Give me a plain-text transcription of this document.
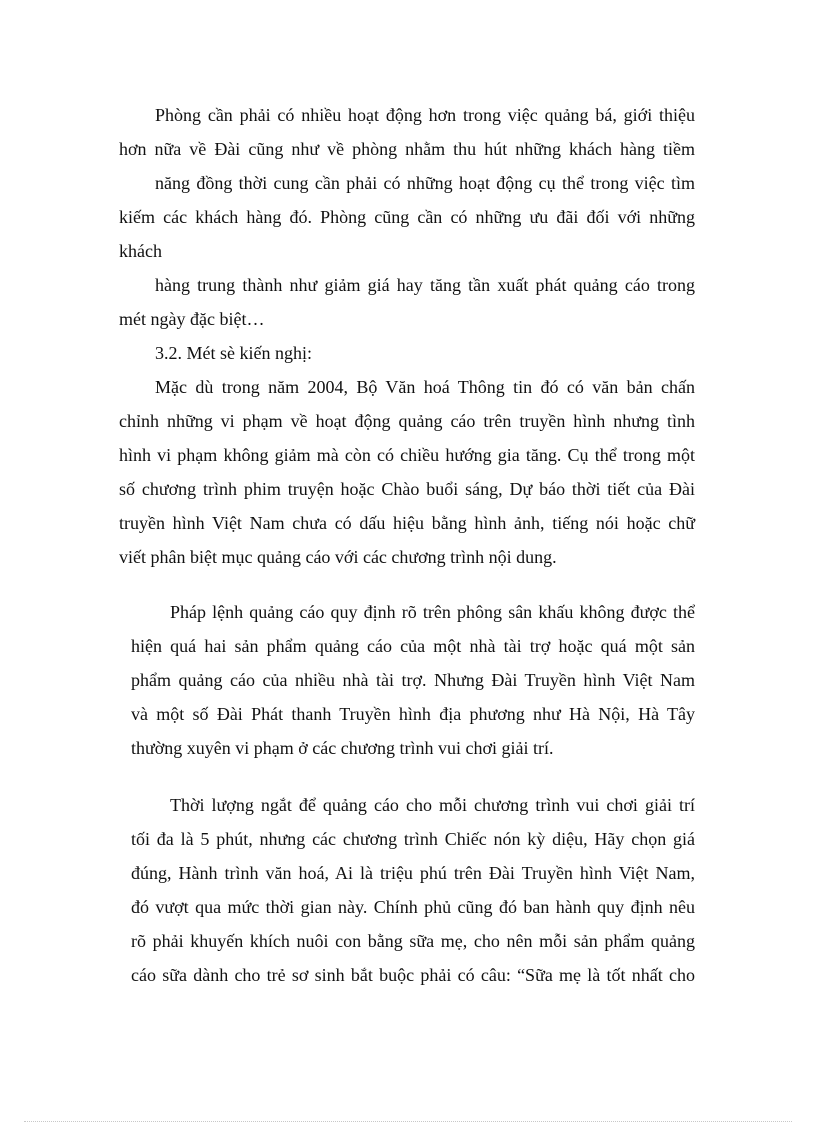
Phòng cần phải có nhiều hoạt động hơn trong việc quảng bá, giới thiệu
hơn nữa về Đài cũng như về phòng nhằm thu hút những khách hàng tiềm
năng đồng thời cung cần phải có những hoạt động cụ thể trong việc tìm
kiếm các khách hàng đó. Phòng cũng cần có những ưu đãi đối với những
khách
hàng trung thành như giảm giá hay tăng tần xuất phát quảng cáo trong
mét ngày đặc biệt…
3.2. Mét sè kiến nghị:
Mặc dù trong năm 2004, Bộ Văn hoá Thông tin đó có văn bản chấn
chỉnh những vi phạm về hoạt động quảng cáo trên truyền hình nhưng tình
hình vi phạm không giảm mà còn có chiều hướng gia tăng. Cụ thể trong một
số chương trình phim truyện hoặc Chào buổi sáng, Dự báo thời tiết của Đài
truyền hình Việt Nam chưa có dấu hiệu bằng hình ảnh, tiếng nói hoặc chữ
viết phân biệt mục quảng cáo với các chương trình nội dung.
Pháp lệnh quảng cáo quy định rõ trên phông sân khấu không được thể
hiện quá hai sản phẩm quảng cáo của một nhà tài trợ hoặc quá một sản
phẩm quảng cáo của nhiều nhà tài trợ. Nhưng Đài Truyền hình Việt Nam
và một số Đài Phát thanh Truyền hình địa phương như Hà Nội, Hà Tây
thường xuyên vi phạm ở các chương trình vui chơi giải trí.
Thời lượng ngắt để quảng cáo cho mỗi chương trình vui chơi giải trí
tối đa là 5 phút, nhưng các chương trình Chiếc nón kỳ diệu, Hãy chọn giá
đúng, Hành trình văn hoá, Ai là triệu phú trên Đài Truyền hình Việt Nam,
đó vượt qua mức thời gian này. Chính phủ cũng đó ban hành quy định nêu
rõ phải khuyến khích nuôi con bằng sữa mẹ, cho nên mỗi sản phẩm quảng
cáo sữa dành cho trẻ sơ sinh bắt buộc phải có câu: “Sữa mẹ là tốt nhất cho
